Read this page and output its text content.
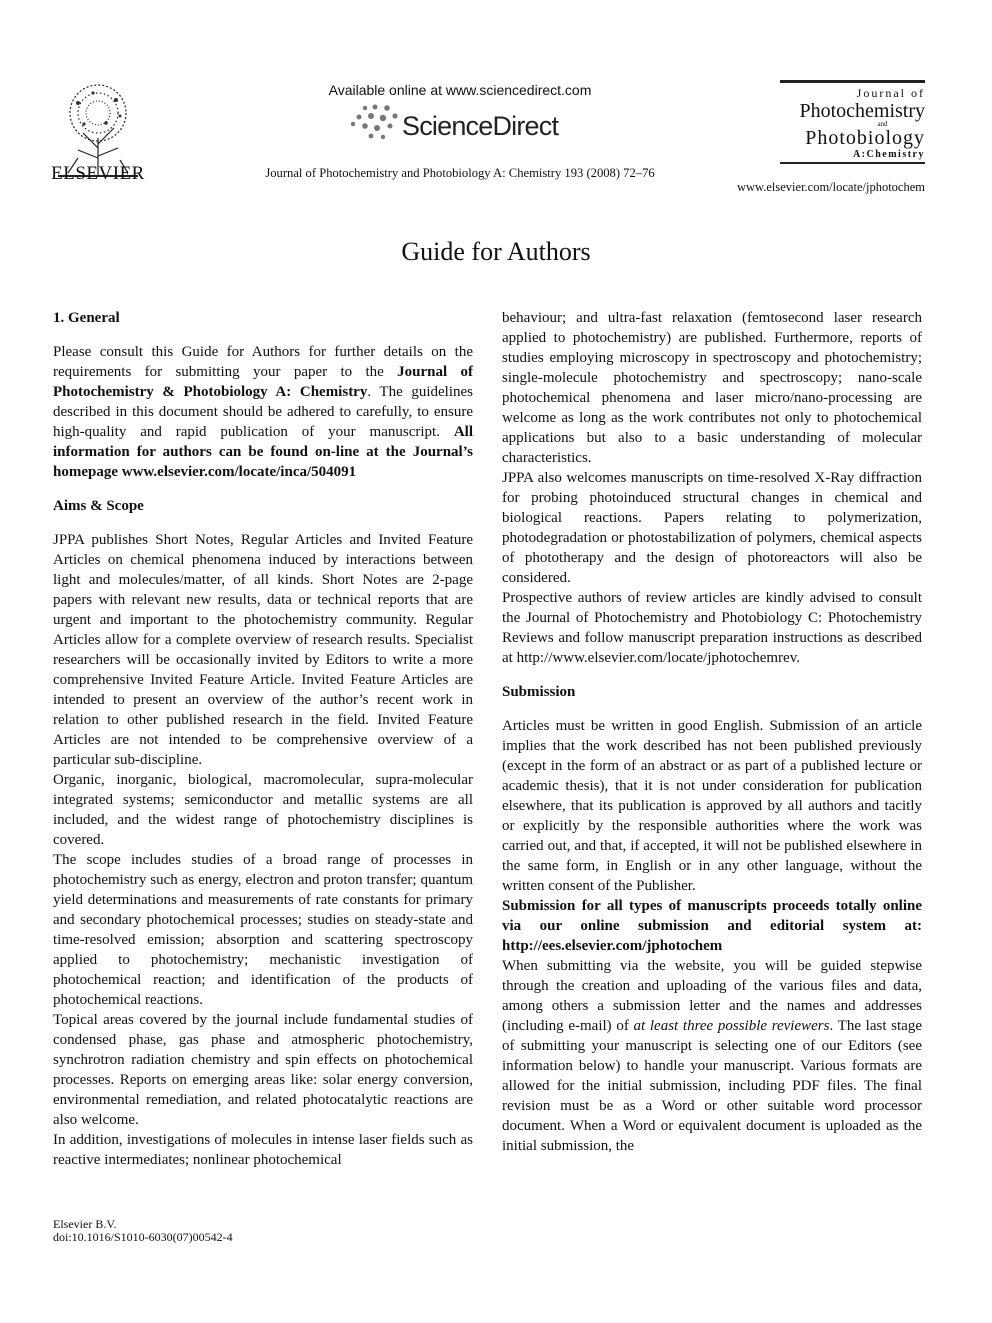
ELSEVIER
Available online at www.sciencedirect.com
ScienceDirect
Journal of Photochemistry and Photobiology A: Chemistry 193 (2008) 72–76
Journal of
Photochemistry
and
Photobiology
A:Chemistry
www.elsevier.com/locate/jphotochem
Guide for Authors
1. General

Please consult this Guide for Authors for further details on the requirements for submitting your paper to the Journal of Photochemistry & Photobiology A: Chemistry. The guidelines described in this document should be adhered to carefully, to ensure high-quality and rapid publication of your manuscript. All information for authors can be found on-line at the Journal’s homepage www.elsevier.com/locate/inca/504091

Aims & Scope

JPPA publishes Short Notes, Regular Articles and Invited Feature Articles on chemical phenomena induced by interactions between light and molecules/matter, of all kinds. Short Notes are 2-page papers with relevant new results, data or technical reports that are urgent and important to the photochemistry community. Regular Articles allow for a complete overview of research results. Specialist researchers will be occasionally invited by Editors to write a more comprehensive Invited Feature Article. Invited Feature Articles are intended to present an overview of the author’s recent work in relation to other published research in the field. Invited Feature Articles are not intended to be comprehensive overview of a particular sub-discipline.

Organic, inorganic, biological, macromolecular, supra-molecular integrated systems; semiconductor and metallic systems are all included, and the widest range of photochemistry disciplines is covered.

The scope includes studies of a broad range of processes in photochemistry such as energy, electron and proton transfer; quantum yield determinations and measurements of rate constants for primary and secondary photochemical processes; studies on steady-state and time-resolved emission; absorption and scattering spectroscopy applied to photochemistry; mechanistic investigation of photochemical reaction; and identification of the products of photochemical reactions.

Topical areas covered by the journal include fundamental studies of condensed phase, gas phase and atmospheric photochemistry, synchrotron radiation chemistry and spin effects on photochemical processes. Reports on emerging areas like: solar energy conversion, environmental remediation, and related photocatalytic reactions are also welcome.

In addition, investigations of molecules in intense laser fields such as reactive intermediates; nonlinear photochemical

behaviour; and ultra-fast relaxation (femtosecond laser research applied to photochemistry) are published. Furthermore, reports of studies employing microscopy in spectroscopy and photochemistry; single-molecule photochemistry and spectroscopy; nano-scale photochemical phenomena and laser micro/nano-processing are welcome as long as the work contributes not only to photochemical applications but also to a basic understanding of molecular characteristics.

JPPA also welcomes manuscripts on time-resolved X-Ray diffraction for probing photoinduced structural changes in chemical and biological reactions. Papers relating to polymerization, photodegradation or photostabilization of polymers, chemical aspects of phototherapy and the design of photoreactors will also be considered.

Prospective authors of review articles are kindly advised to consult the Journal of Photochemistry and Photobiology C: Photochemistry Reviews and follow manuscript preparation instructions as described at http://www.elsevier.com/locate/jphotochemrev.

Submission

Articles must be written in good English. Submission of an article implies that the work described has not been published previously (except in the form of an abstract or as part of a published lecture or academic thesis), that it is not under consideration for publication elsewhere, that its publication is approved by all authors and tacitly or explicitly by the responsible authorities where the work was carried out, and that, if accepted, it will not be published elsewhere in the same form, in English or in any other language, without the written consent of the Publisher.

Submission for all types of manuscripts proceeds totally online via our online submission and editorial system at: http://ees.elsevier.com/jphotochem

When submitting via the website, you will be guided stepwise through the creation and uploading of the various files and data, among others a submission letter and the names and addresses (including e-mail) of at least three possible reviewers. The last stage of submitting your manuscript is selecting one of our Editors (see information below) to handle your manuscript. Various formats are allowed for the initial submission, including PDF files. The final revision must be as a Word or other suitable word processor document. When a Word or equivalent document is uploaded as the initial submission, the

Elsevier B.V.
doi:10.1016/S1010-6030(07)00542-4
